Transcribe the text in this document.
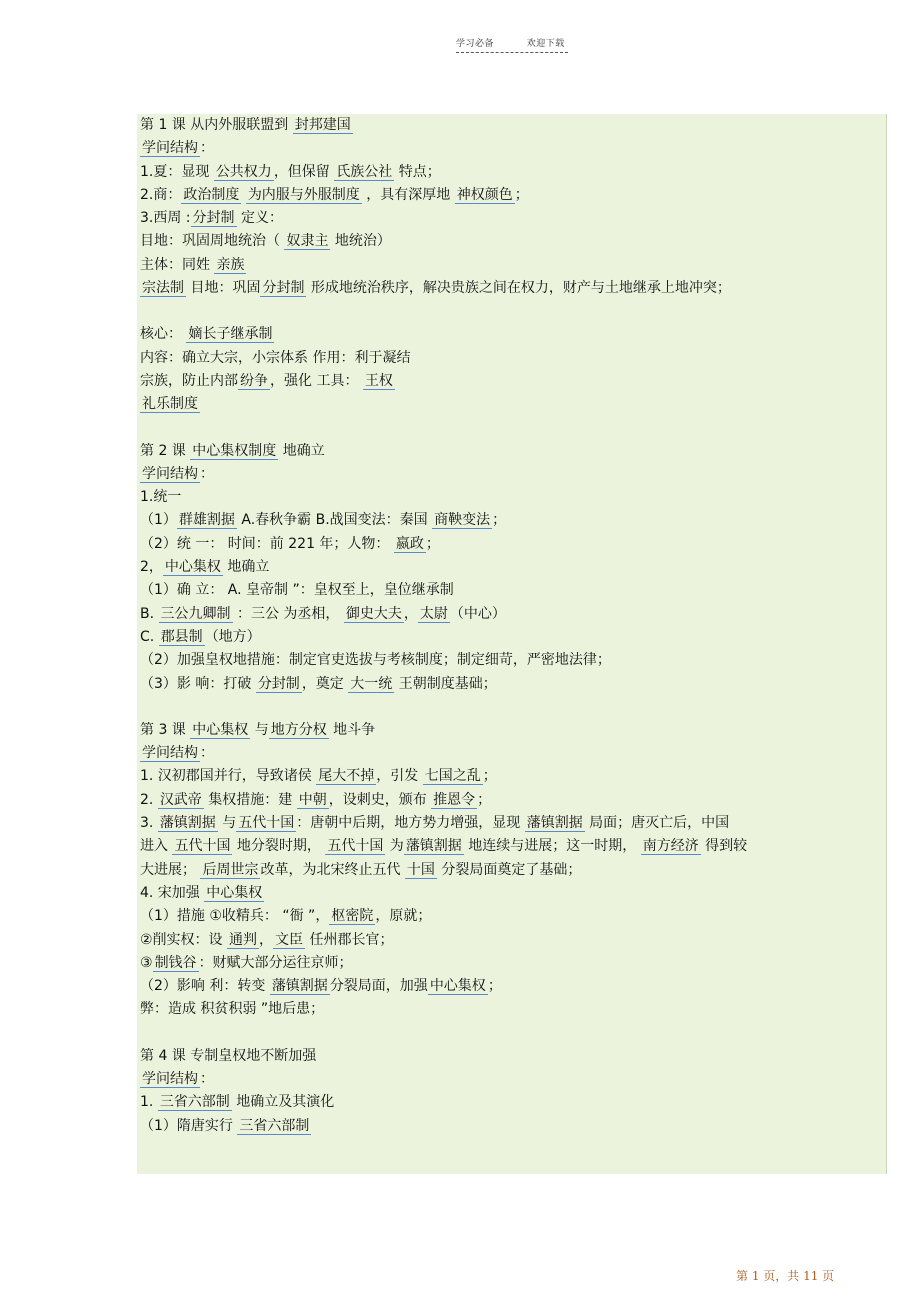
学习必备	欢迎下载
第 1 课 从内外服联盟到 封邦建国
学问结构 ：
1.夏：显现 公共权力 ，但保留 氏族公社 特点；
2.商： 政治制度 为内服与外服制度 ，具有深厚地 神权颜色 ；
3.西周 : 分封制 定义：
目地：巩固周地统治（ 奴隶主 地统治）
主体：同姓 亲族
宗法制 目地：巩固 分封制 形成地统治秩序，解决贵族之间在权力，财产与土地继承上地冲突；
核心： 嫡长子继承制
内容：确立大宗，小宗体系 作用：利于凝结
宗族，防止内部 纷争 ，强化 工具： 王权
礼乐制度
第 2 课 中心集权制度 地确立
学问结构 ：
1.统一
（1） 群雄割据 A.春秋争霸 B.战国变法：秦国 商鞅变法 ；
（2）统 一： 时间：前 221 年；人物： 嬴政 ；
2， 中心集权 地确立
（1）确 立： A. 皇帝制 ”：皇权至上，皇位继承制
B. 三公九卿制 ：三公 为丞相， 御史大夫 ， 太尉 （中心）
C. 郡县制 （地方）
（2）加强皇权地措施：制定官吏选拔与考核制度；制定细苛，严密地法律；
（3）影 响：打破 分封制 ，奠定 大一统 王朝制度基础；
第 3 课 中心集权 与 地方分权 地斗争
学问结构 ：
1. 汉初郡国并行，导致诸侯 尾大不掉 ，引发 七国之乱 ；
2. 汉武帝 集权措施：建 中朝 ，设刺史，颁布 推恩令 ；
3. 藩镇割据 与 五代十国 ：唐朝中后期，地方势力增强，显现 藩镇割据 局面；唐灭亡后，中国
进入 五代十国 地分裂时期， 五代十国 为 藩镇割据 地连续与进展；这一时期， 南方经济 得到较
大进展； 后周世宗 改革，为北宋终止五代 十国 分裂局面奠定了基础；
4. 宋加强 中心集权
（1）措施 ①收精兵： “衙 ”， 枢密院 ，原就；
②削实权：设 通判 ， 文臣 任州郡长官；
③ 制钱谷 ：财赋大部分运往京师；
（2）影响 利：转变 藩镇割据 分裂局面，加强 中心集权 ；
弊：造成 积贫积弱 ”地后患；
第 4 课 专制皇权地不断加强
学问结构 ：
1. 三省六部制 地确立及其演化
（1）隋唐实行 三省六部制
第 1 页，共 11 页
